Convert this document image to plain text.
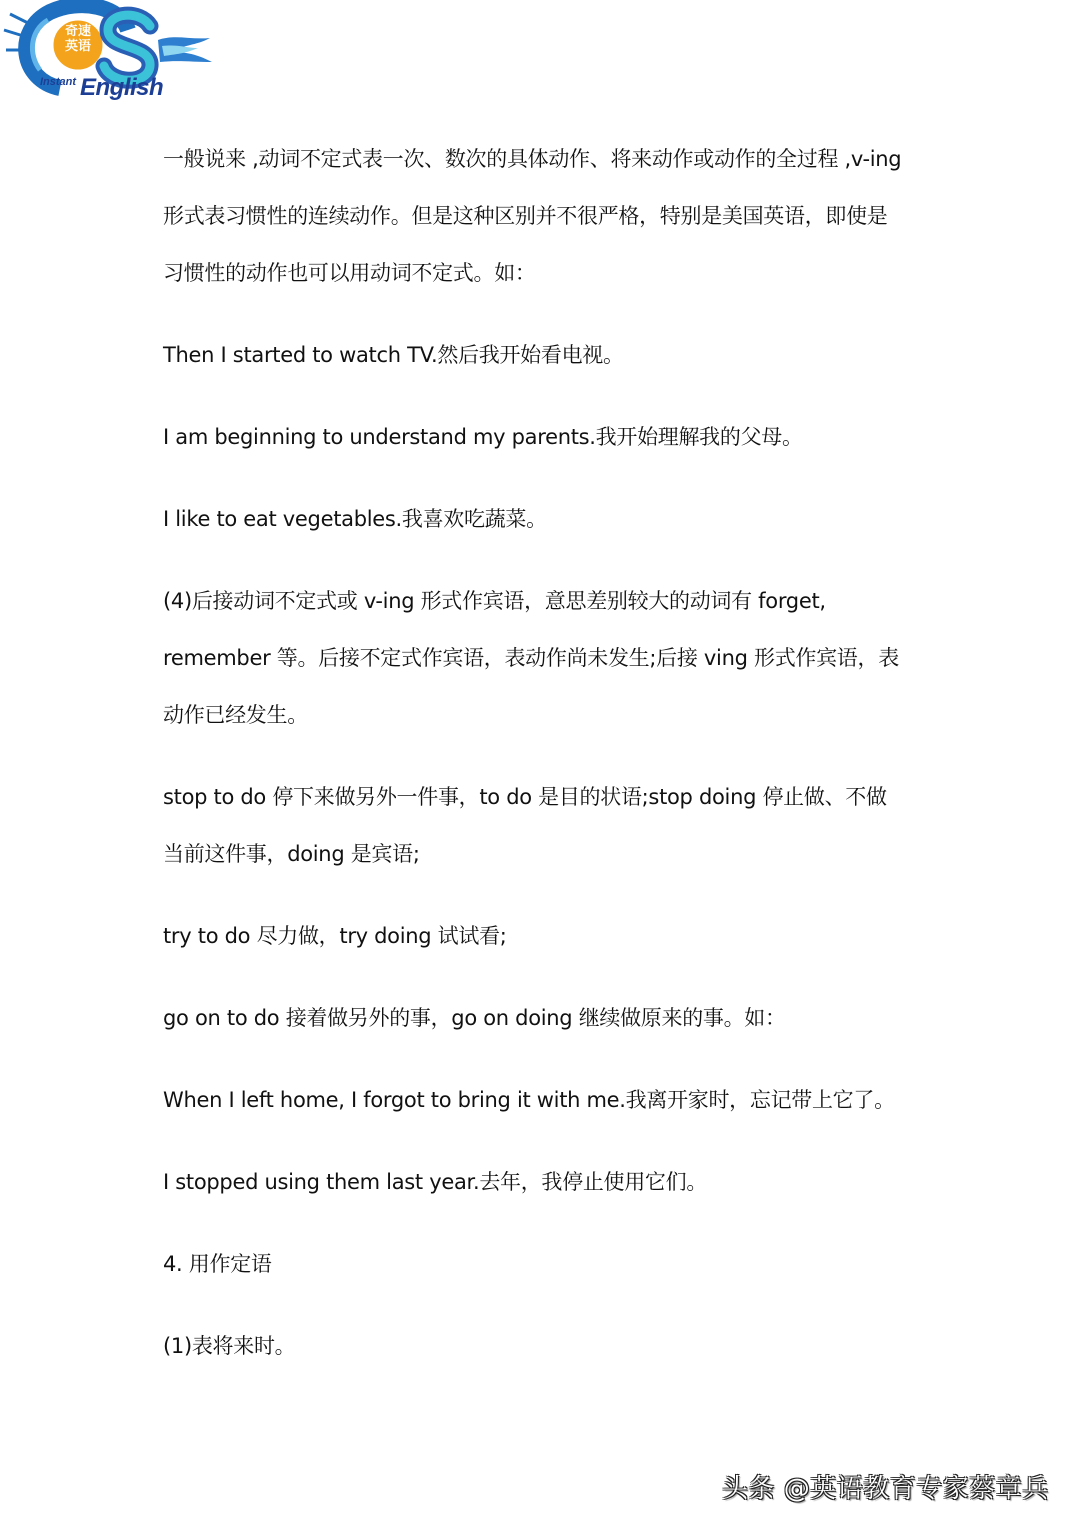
奇速
英语
Instant English
一般说来 ,动词不定式表一次、数次的具体动作、将来动作或动作的全过程 ,v-ing
形式表习惯性的连续动作。但是这种区别并不很严格，特别是美国英语，即使是
习惯性的动作也可以用动词不定式。如：
Then I started to watch TV.然后我开始看电视。
I am beginning to understand my parents.我开始理解我的父母。
I like to eat vegetables.我喜欢吃蔬菜。
(4)后接动词不定式或 v-ing 形式作宾语，意思差别较大的动词有 forget,
remember 等。后接不定式作宾语，表动作尚未发生;后接 ving 形式作宾语，表
动作已经发生。
stop to do 停下来做另外一件事，to do 是目的状语;stop doing 停止做、不做
当前这件事，doing 是宾语;
try to do 尽力做，try doing 试试看;
go on to do 接着做另外的事，go on doing 继续做原来的事。如：
When I left home, I forgot to bring it with me.我离开家时，忘记带上它了。
I stopped using them last year.去年，我停止使用它们。
4. 用作定语
(1)表将来时。
头条 @英语教育专家蔡章兵
